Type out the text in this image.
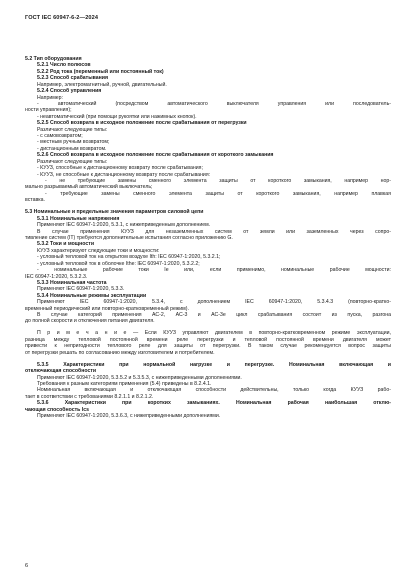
ГОСТ IEC 60947-6-2—2024

5.2 Тип оборудования

5.2.1 Число полюсов

5.2.2 Род тока (переменный или постоянный ток)

5.2.3 Способ срабатывания

Например, электромагнитный, ручной, двигательный.

5.2.4 Способ управления

Например:

- автоматический (посредством автоматического выключателя управления или последователь-

ности управления);

- неавтоматический (при помощи рукоятки или нажимных кнопок).

5.2.5 Способ возврата в исходное положение после срабатывания от перегрузки

Различают следующие типы:

- с самовозвратом;

- местным ручным возвратом;

- дистанционным возвратом.

5.2.6 Способ возврата в исходное положение после срабатывания от короткого замыкания

Различают следующие типы:

- КУУЗ, способные к дистанционному возврату после срабатывания;

- КУУЗ, не способные к дистанционному возврату после срабатывания:

- не требующие замены сменного элемента защиты от короткого замыкания, например нор-

мально разрываемый автоматический выключатель;

- требующие замены сменного элемента защиты от короткого замыкания, например плавкая

вставка.

5.3 Номинальные и предельные значения параметров силовой цепи

5.3.1 Номинальные напряжения

Применяют IEC 60947-1:2020, 5.3.1, с нижеприведенным дополнением.

В случае применения КУУЗ для незаземленных систем от земли или заземленных через сопро-

тивление систем (IT) требуются дополнительные испытания согласно приложению G.

5.3.2 Токи и мощности

КУУЗ характеризуют следующие токи и мощности:

- условный тепловой ток на открытом воздухе Ith: IEC 60947-1:2020, 5.3.2.1;

- условный тепловой ток в оболочке Ithe: IEC 60947-1:2020, 5.3.2.2;

- номинальные рабочие токи Ie или, если применимо, номинальные рабочие мощности:

IEC 60947-1:2020, 5.3.2.3.

5.3.3 Номинальная частота

Применяют IEC 60947-1:2020, 5.3.3.

5.3.4 Номинальные режимы эксплуатации

Применяют IEC 60947-1:2020, 5.3.4, с дополнением IEC 60947-1:2020, 5.3.4.3 (повторно-кратко-

временный периодический или повторно-кратковременный режим).

В случае категорий применения АС-2, АС-3 и АС-3е цикл срабатывания состоит из пуска, разгона

до полной скорости и отключения питания двигателя.

П р и м е ч а н и е — Если КУУЗ управляют двигателем в повторно-кратковременном режиме эксплуатации,

разница между тепловой постоянной времени реле перегрузки и тепловой постоянной времени двигателя может

привести к непригодности теплового реле для защиты от перегрузки. В таком случае рекомендуется вопрос защиты

от перегрузки решать по согласованию между изготовителем и потребителем.

5.3.5 Характеристики при нормальной нагрузке и перегрузке. Номинальная включающая и

отключающая способности

Применяют IEC 60947-1:2020, 5.3.5.2 и 5.3.5.3, с нижеприведенными дополнениями.

Требования к разным категориям применения (5.4) приведены в 8.2.4.1.

Номинальная включающая и отключающая способности действительны, только когда КУУЗ рабо-

тает в соответствии с требованиями 8.2.1.1 и 8.2.1.2.

5.3.6 Характеристики при коротких замыканиях. Номинальная рабочая наибольшая отклю-

чающая способность Ics

Применяют IEC 60947-1:2020, 5.3.6.3, с нижеприведенными дополнениями.

6
